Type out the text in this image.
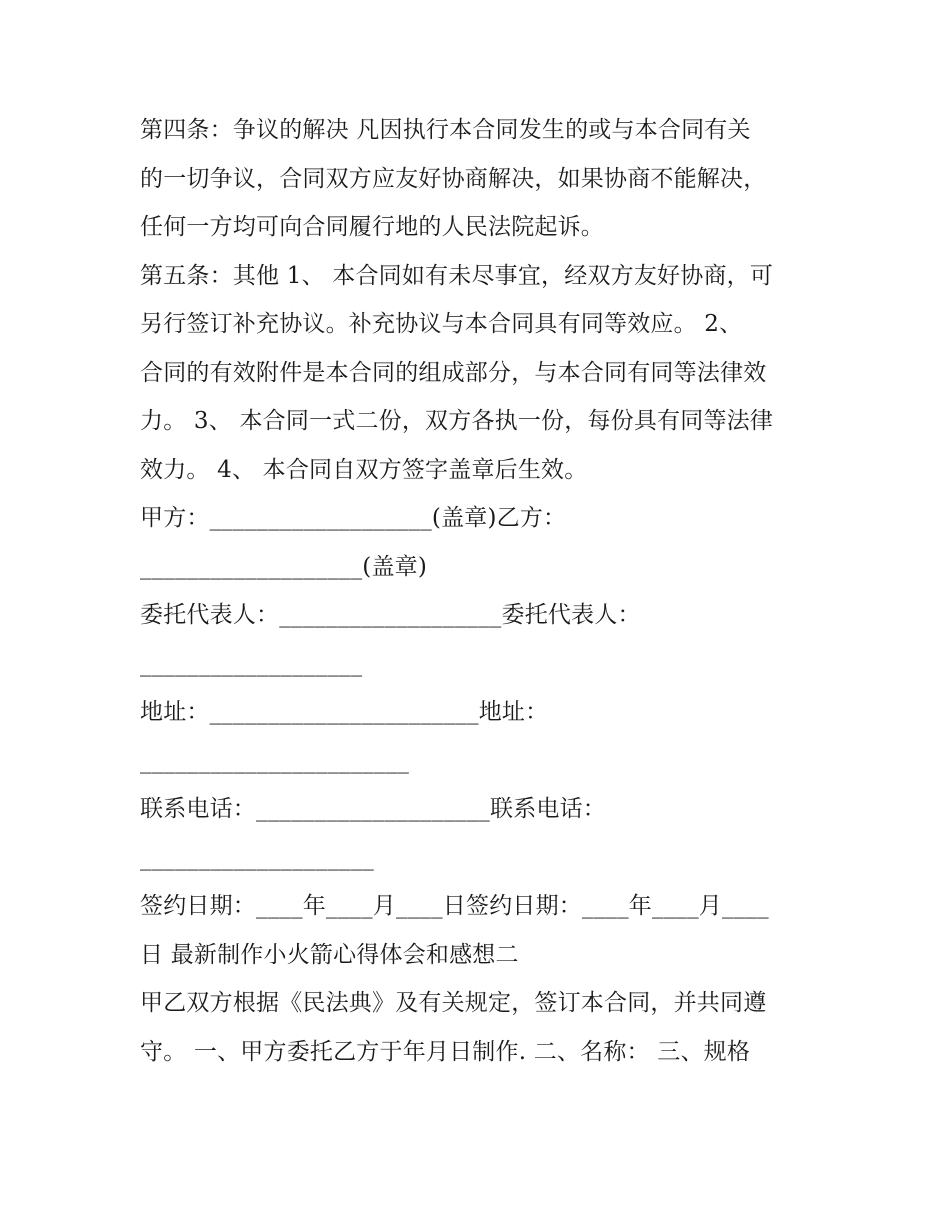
第四条：争议的解决 凡因执行本合同发生的或与本合同有关
的一切争议，合同双方应友好协商解决，如果协商不能解决，
任何一方均可向合同履行地的人民法院起诉。
第五条：其他 1、 本合同如有未尽事宜，经双方友好协商，可
另行签订补充协议。补充协议与本合同具有同等效应。 2、
合同的有效附件是本合同的组成部分，与本合同有同等法律效
力。 3、 本合同一式二份，双方各执一份，每份具有同等法律
效力。 4、 本合同自双方签字盖章后生效。
甲方：___________________(盖章)乙方：
___________________(盖章)
委托代表人：___________________委托代表人：
___________________
地址：_______________________地址：
_______________________
联系电话：____________________联系电话：
____________________
签约日期：____年____月____日签约日期：____年____月____
日 最新制作小火箭心得体会和感想二
甲乙双方根据《民法典》及有关规定，签订本合同，并共同遵
守。 一、甲方委托乙方于年月日制作. 二、名称： 三、规格
